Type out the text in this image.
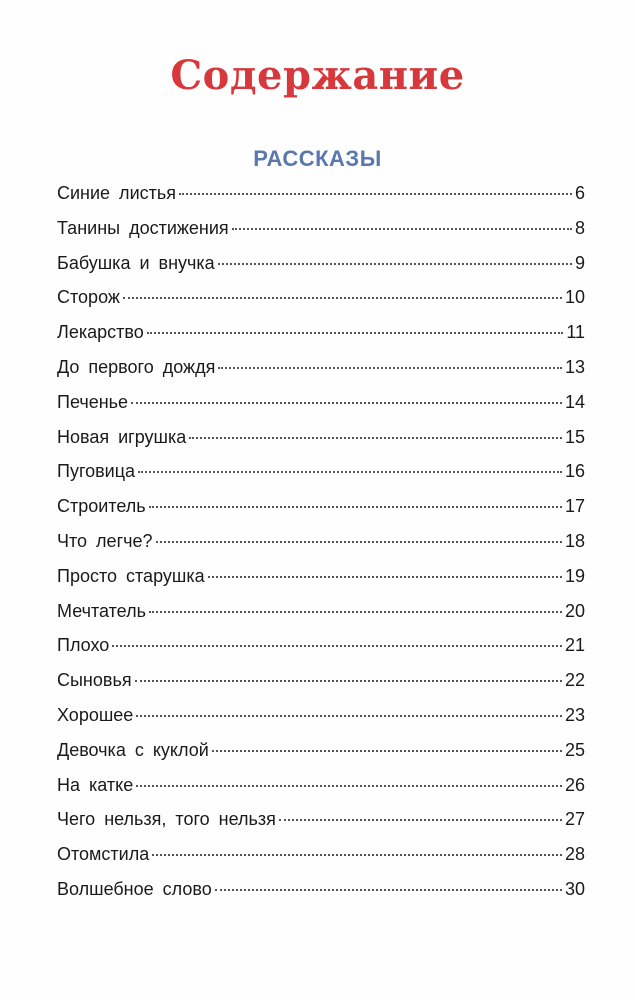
Содержание
РАССКАЗЫ
Синие листья	6
Танины достижения	8
Бабушка и внучка	9
Сторож	10
Лекарство	11
До первого дождя	13
Печенье	14
Новая игрушка	15
Пуговица	16
Строитель	17
Что легче?	18
Просто старушка	19
Мечтатель	20
Плохо	21
Сыновья	22
Хорошее	23
Девочка с куклой	25
На катке	26
Чего нельзя, того нельзя	27
Отомстила	28
Волшебное слово	30
